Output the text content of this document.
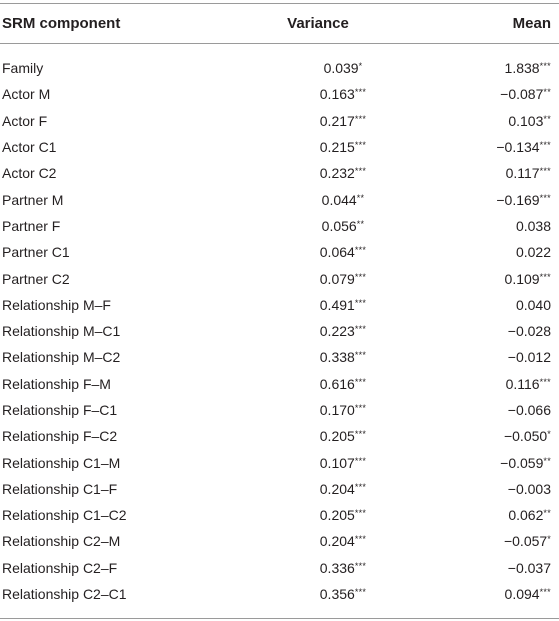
SRM component	Variance	Mean
Family	0.039*	1.838***
Actor M	0.163***	−0.087**
Actor F	0.217***	0.103**
Actor C1	0.215***	−0.134***
Actor C2	0.232***	0.117***
Partner M	0.044**	−0.169***
Partner F	0.056**	0.038
Partner C1	0.064***	0.022
Partner C2	0.079***	0.109***
Relationship M–F	0.491***	0.040
Relationship M–C1	0.223***	−0.028
Relationship M–C2	0.338***	−0.012
Relationship F–M	0.616***	0.116***
Relationship F–C1	0.170***	−0.066
Relationship F–C2	0.205***	−0.050*
Relationship C1–M	0.107***	−0.059**
Relationship C1–F	0.204***	−0.003
Relationship C1–C2	0.205***	0.062**
Relationship C2–M	0.204***	−0.057*
Relationship C2–F	0.336***	−0.037
Relationship C2–C1	0.356***	0.094***
